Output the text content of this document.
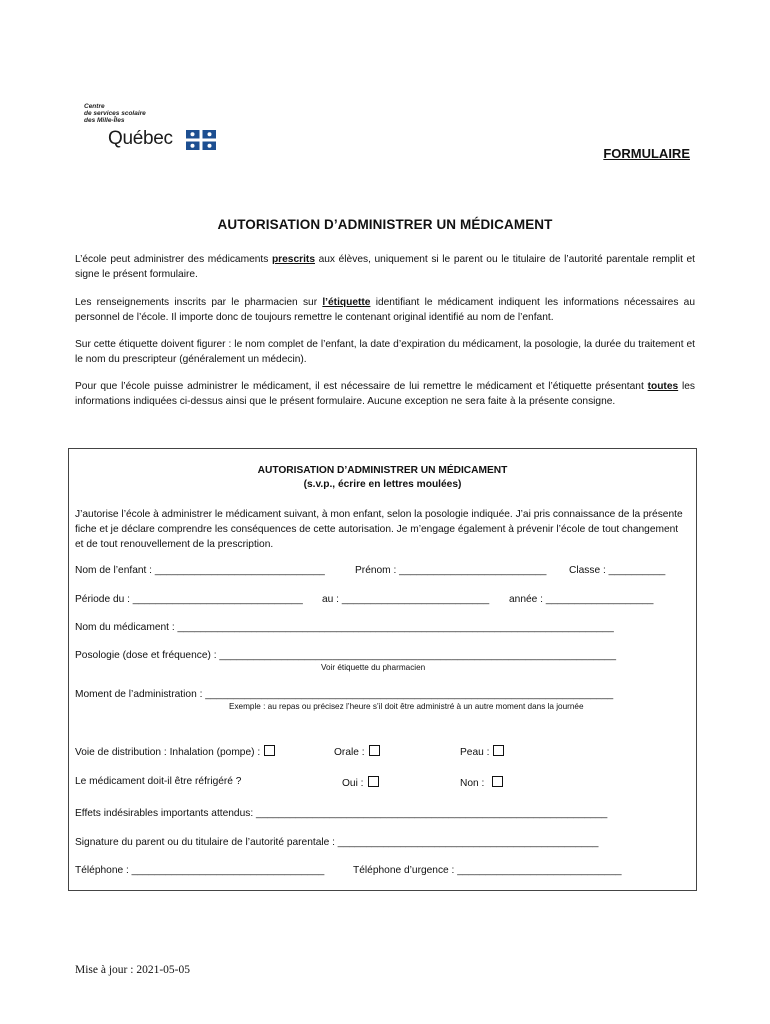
Centre
de services scolaire
des Mille-Îles
Québec
FORMULAIRE
AUTORISATION D’ADMINISTRER UN MÉDICAMENT
L’école peut administrer des médicaments prescrits aux élèves, uniquement si le parent ou le titulaire de l’autorité parentale remplit et signe le présent formulaire.
Les renseignements inscrits par le pharmacien sur l’étiquette identifiant le médicament indiquent les informations nécessaires au personnel de l’école. Il importe donc de toujours remettre le contenant original identifié au nom de l’enfant.
Sur cette étiquette doivent figurer : le nom complet de l’enfant, la date d’expiration du médicament, la posologie, la durée du traitement et le nom du prescripteur (généralement un médecin).
Pour que l’école puisse administrer le médicament, il est nécessaire de lui remettre le médicament et l’étiquette présentant toutes les informations indiquées ci-dessus ainsi que le présent formulaire. Aucune exception ne sera faite à la présente consigne.
AUTORISATION D’ADMINISTRER UN MÉDICAMENT
(s.v.p., écrire en lettres moulées)
J’autorise l’école à administrer le médicament suivant, à mon enfant, selon la posologie indiquée. J’ai pris connaissance de la présente fiche et je déclare comprendre les conséquences de cette autorisation. Je m’engage également à prévenir l’école de tout changement et de tout renouvellement de la prescription.
Nom de l’enfant : ______________________________	Prénom : __________________________ Classe : __________
Période du : ______________________________ au : __________________________ année : ___________________
Nom du médicament : _____________________________________________________________________________
Posologie (dose et fréquence) : ______________________________________________________________________
Voir étiquette du pharmacien
Moment de l’administration : ________________________________________________________________________
Exemple : au repas ou précisez l’heure s’il doit être administré à un autre moment dans la journée
Voie de distribution : Inhalation (pompe) :	Orale :	Peau :
Le médicament doit-il être réfrigéré ?	Oui :	Non :
Effets indésirables importants attendus: ______________________________________________________________
Signature du parent ou du titulaire de l’autorité parentale : ______________________________________________
Téléphone : __________________________________	Téléphone d’urgence : _____________________________
Mise à jour : 2021-05-05
